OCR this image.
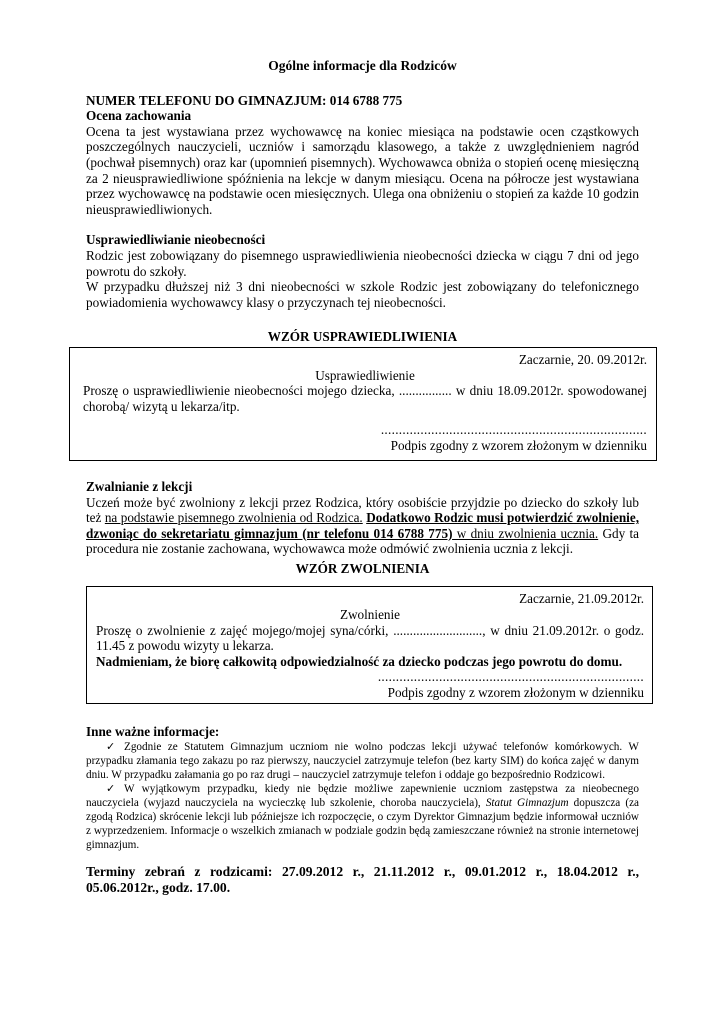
Ogólne informacje dla Rodziców
NUMER TELEFONU DO GIMNAZJUM: 014 6788 775
Ocena zachowania

Ocena ta jest wystawiana przez wychowawcę na koniec miesiąca na podstawie ocen cząstkowych poszczególnych nauczycieli, uczniów i samorządu klasowego, a także z uwzględnieniem nagród (pochwał pisemnych) oraz kar (upomnień pisemnych). Wychowawca obniża o stopień ocenę miesięczną za 2 nieusprawiedliwione spóźnienia na lekcje w danym miesiącu. Ocena na półrocze jest wystawiana przez wychowawcę na podstawie ocen miesięcznych. Ulega ona obniżeniu o stopień za każde 10 godzin nieusprawiedliwionych.

Usprawiedliwianie nieobecności

Rodzic jest zobowiązany do pisemnego usprawiedliwienia nieobecności dziecka w ciągu 7 dni od jego powrotu do szkoły.

W przypadku dłuższej niż 3 dni nieobecności w szkole Rodzic jest zobowiązany do telefonicznego powiadomienia wychowawcy klasy o przyczynach tej nieobecności.

WZÓR USPRAWIEDLIWIENIA
Zaczarnie, 20. 09.2012r.
Usprawiedliwienie

Proszę o usprawiedliwienie nieobecności mojego dziecka, ................ w dniu 18.09.2012r. spowodowanej chorobą/ wizytą u lekarza/itp.

..........................................................................
Podpis zgodny z wzorem złożonym w dzienniku
Zwalnianie z lekcji

Uczeń może być zwolniony z lekcji przez Rodzica, który osobiście przyjdzie po dziecko do szkoły lub też na podstawie pisemnego zwolnienia od Rodzica. Dodatkowo Rodzic musi potwierdzić zwolnienie, dzwoniąc do sekretariatu gimnazjum (nr telefonu 014 6788 775) w dniu zwolnienia ucznia. Gdy ta procedura nie zostanie zachowana, wychowawca może odmówić zwolnienia ucznia z lekcji.

WZÓR ZWOLNIENIA
Zaczarnie, 21.09.2012r.
Zwolnienie

Proszę o zwolnienie z zajęć mojego/mojej syna/córki, ..........................., w dniu 21.09.2012r. o godz. 11.45 z powodu wizyty u lekarza.

Nadmieniam, że biorę całkowitą odpowiedzialność za dziecko podczas jego powrotu do domu.

..........................................................................
Podpis zgodny z wzorem złożonym w dzienniku
Inne ważne informacje:

✓ Zgodnie ze Statutem Gimnazjum uczniom nie wolno podczas lekcji używać telefonów komórkowych. W przypadku złamania tego zakazu po raz pierwszy, nauczyciel zatrzymuje telefon (bez karty SIM) do końca zajęć w danym dniu. W przypadku załamania go po raz drugi – nauczyciel zatrzymuje telefon i oddaje go bezpośrednio Rodzicowi.

✓ W wyjątkowym przypadku, kiedy nie będzie możliwe zapewnienie uczniom zastępstwa za nieobecnego nauczyciela (wyjazd nauczyciela na wycieczkę lub szkolenie, choroba nauczyciela), Statut Gimnazjum dopuszcza (za zgodą Rodzica) skrócenie lekcji lub późniejsze ich rozpoczęcie, o czym Dyrektor Gimnazjum będzie informował uczniów z wyprzedzeniem. Informacje o wszelkich zmianach w podziale godzin będą zamieszczane również na stronie internetowej gimnazjum.

Terminy zebrań z rodzicami: 27.09.2012 r., 21.11.2012 r., 09.01.2012 r., 18.04.2012 r., 05.06.2012r., godz. 17.00.
